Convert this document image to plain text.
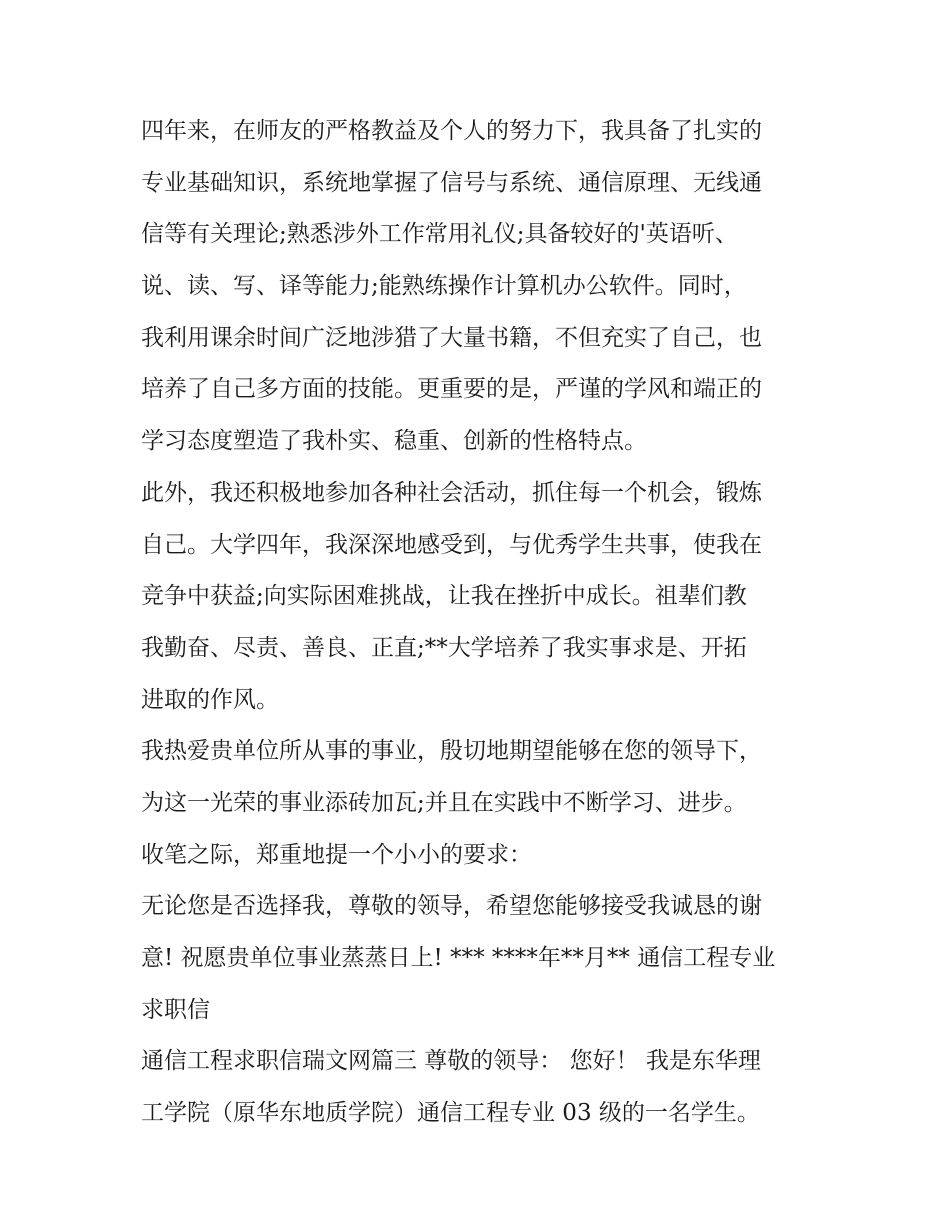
四年来，在师友的严格教益及个人的努力下，我具备了扎实的
专业基础知识，系统地掌握了信号与系统、通信原理、无线通
信等有关理论;熟悉涉外工作常用礼仪;具备较好的'英语听、
说、读、写、译等能力;能熟练操作计算机办公软件。同时，
我利用课余时间广泛地涉猎了大量书籍，不但充实了自己，也
培养了自己多方面的技能。更重要的是，严谨的学风和端正的
学习态度塑造了我朴实、稳重、创新的性格特点。
此外，我还积极地参加各种社会活动，抓住每一个机会，锻炼
自己。大学四年，我深深地感受到，与优秀学生共事，使我在
竞争中获益;向实际困难挑战，让我在挫折中成长。祖辈们教
我勤奋、尽责、善良、正直;**大学培养了我实事求是、开拓
进取的作风。
我热爱贵单位所从事的事业，殷切地期望能够在您的领导下，
为这一光荣的事业添砖加瓦;并且在实践中不断学习、进步。
收笔之际，郑重地提一个小小的要求：
无论您是否选择我，尊敬的领导，希望您能够接受我诚恳的谢
意! 祝愿贵单位事业蒸蒸日上! *** ****年**月** 通信工程专业
求职信
通信工程求职信瑞文网篇三 尊敬的领导： 您好！ 我是东华理
工学院（原华东地质学院）通信工程专业 03 级的一名学生。
